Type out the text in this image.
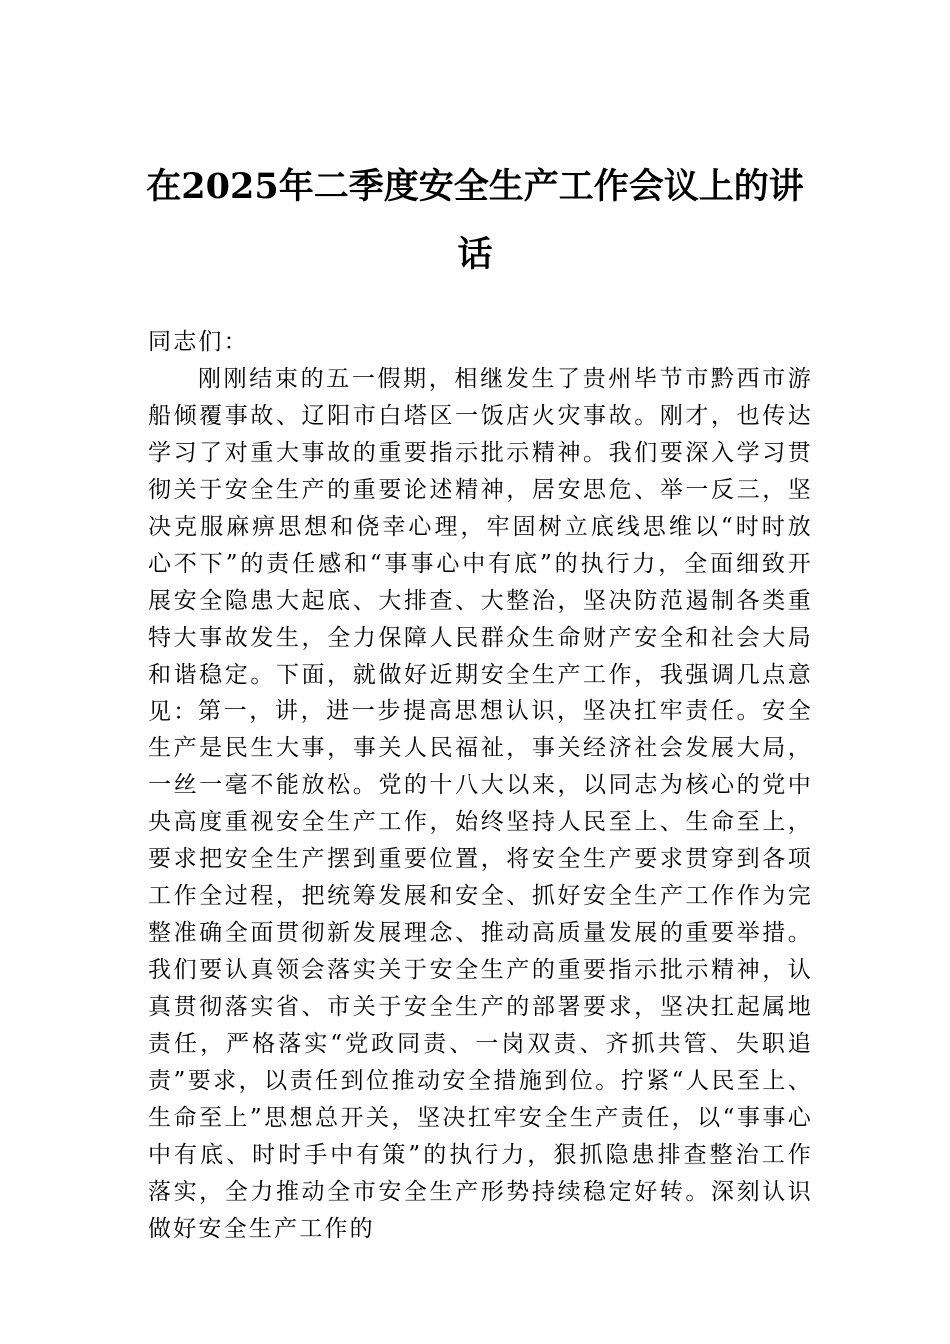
在2025年二季度安全生产工作会议上的讲
话
同志们：
刚刚结束的五一假期，相继发生了贵州毕节市黔西市游船倾覆事故、辽阳市白塔区一饭店火灾事故。刚才，也传达学习了对重大事故的重要指示批示精神。我们要深入学习贯彻关于安全生产的重要论述精神，居安思危、举一反三，坚决克服麻痹思想和侥幸心理，牢固树立底线思维以“时时放心不下”的责任感和“事事心中有底”的执行力，全面细致开展安全隐患大起底、大排查、大整治，坚决防范遏制各类重特大事故发生，全力保障人民群众生命财产安全和社会大局和谐稳定。下面，就做好近期安全生产工作，我强调几点意见： 第一，讲，进一步提高思想认识，坚决扛牢责任。安全生产是民生大事，事关人民福祉，事关经济社会发展大局，一丝一毫不能放松。党的十八大以来，以同志为核心的党中央高度重视安全生产工作，始终坚持人民至上、生命至上，要求把安全生产摆到重要位置，将安全生产要求贯穿到各项工作全过程，把统筹发展和安全、抓好安全生产工作作为完整准确全面贯彻新发展理念、推动高质量发展的重要举措。我们要认真领会落实关于安全生产的重要指示批示精神，认真贯彻落实省、市关于安全生产的部署要求，坚决扛起属地责任，严格落实“党政同责、一岗双责、齐抓共管、失职追责”要求，以责任到位推动安全措施到位。拧紧“人民至上、生命至上”思想总开关，坚决扛牢安全生产责任，以“事事心中有底、时时手中有策”的执行力，狠抓隐患排查整治工作落实，全力推动全市安全生产形势持续稳定好转。深刻认识做好安全生产工作的
